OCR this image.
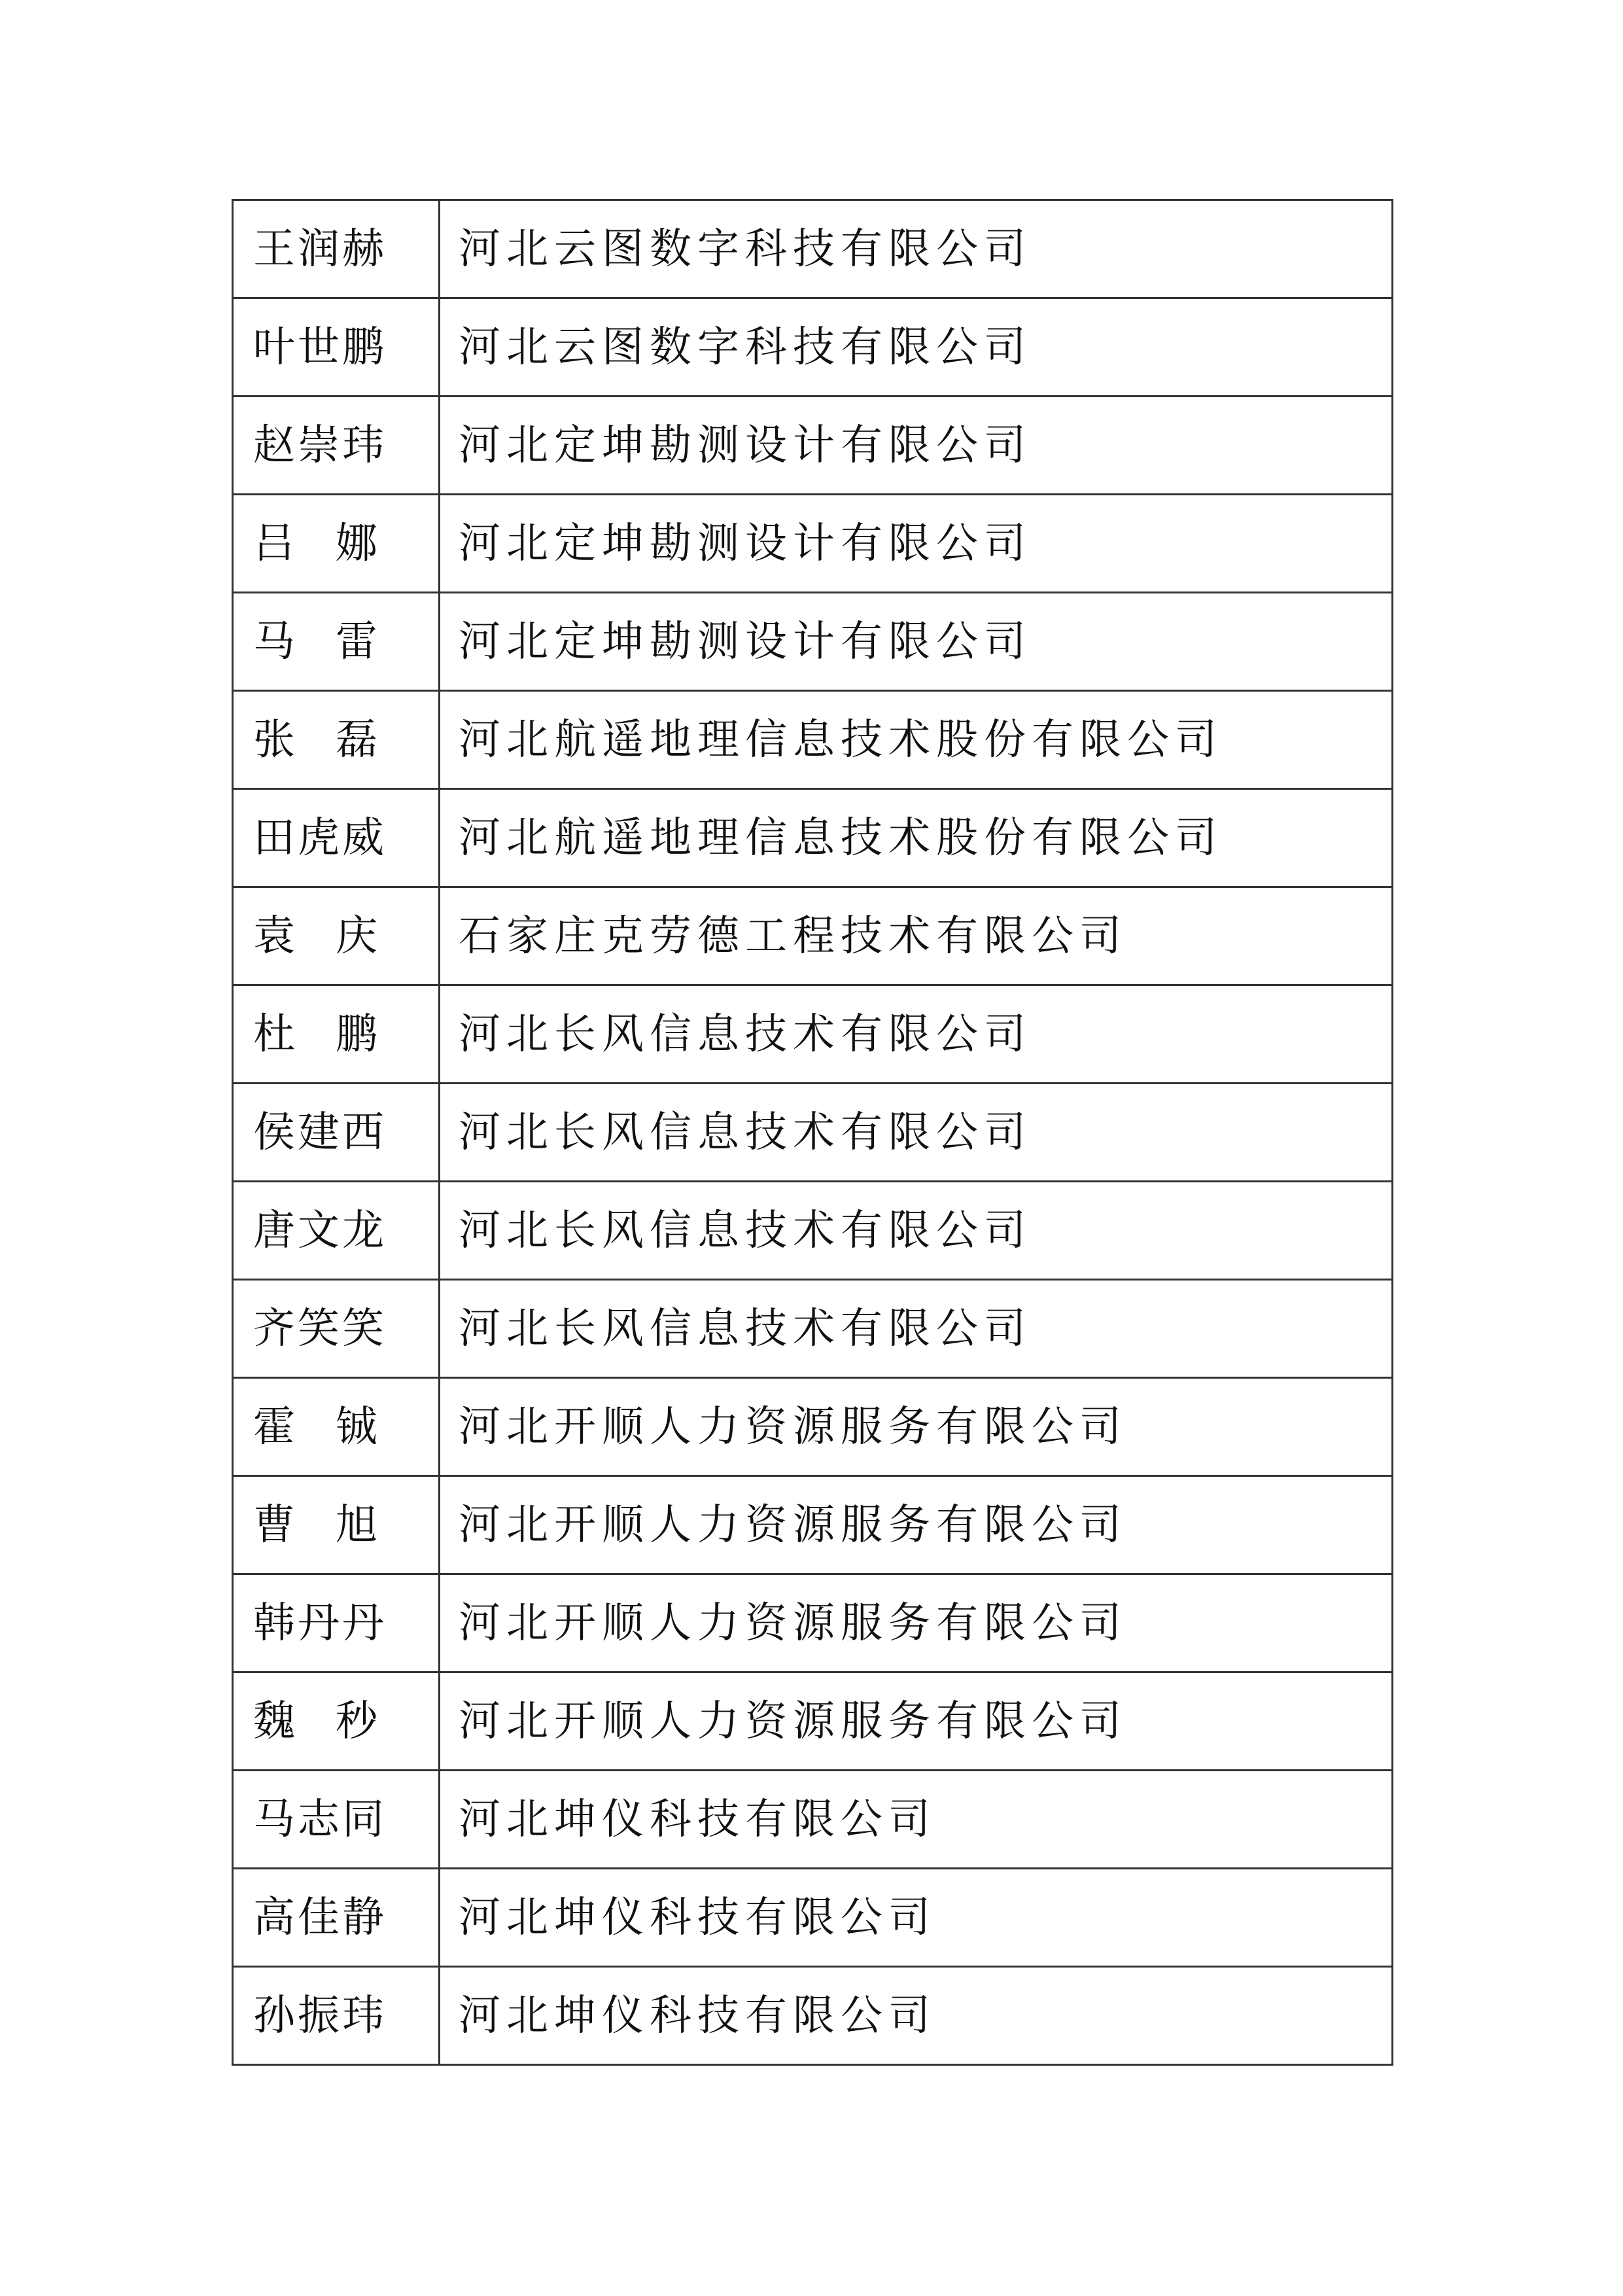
王润赫	河北云图数字科技有限公司
叶世鹏	河北云图数字科技有限公司
赵崇玮	河北定坤勘测设计有限公司

吕 娜	河北定坤勘测设计有限公司

马 雷	河北定坤勘测设计有限公司

张 磊	河北航遥地理信息技术股份有限公司
田虎威	河北航遥地理信息技术股份有限公司

袁 庆	石家庄克劳德工程技术有限公司

杜 鹏	河北长风信息技术有限公司
侯建西	河北长风信息技术有限公司
唐文龙	河北长风信息技术有限公司
齐笑笑	河北长风信息技术有限公司

霍 铖	河北开顺人力资源服务有限公司

曹 旭	河北开顺人力资源服务有限公司
韩丹丹	河北开顺人力资源服务有限公司

魏 秒	河北开顺人力资源服务有限公司
马志同	河北坤仪科技有限公司
高佳静	河北坤仪科技有限公司
孙振玮	河北坤仪科技有限公司
